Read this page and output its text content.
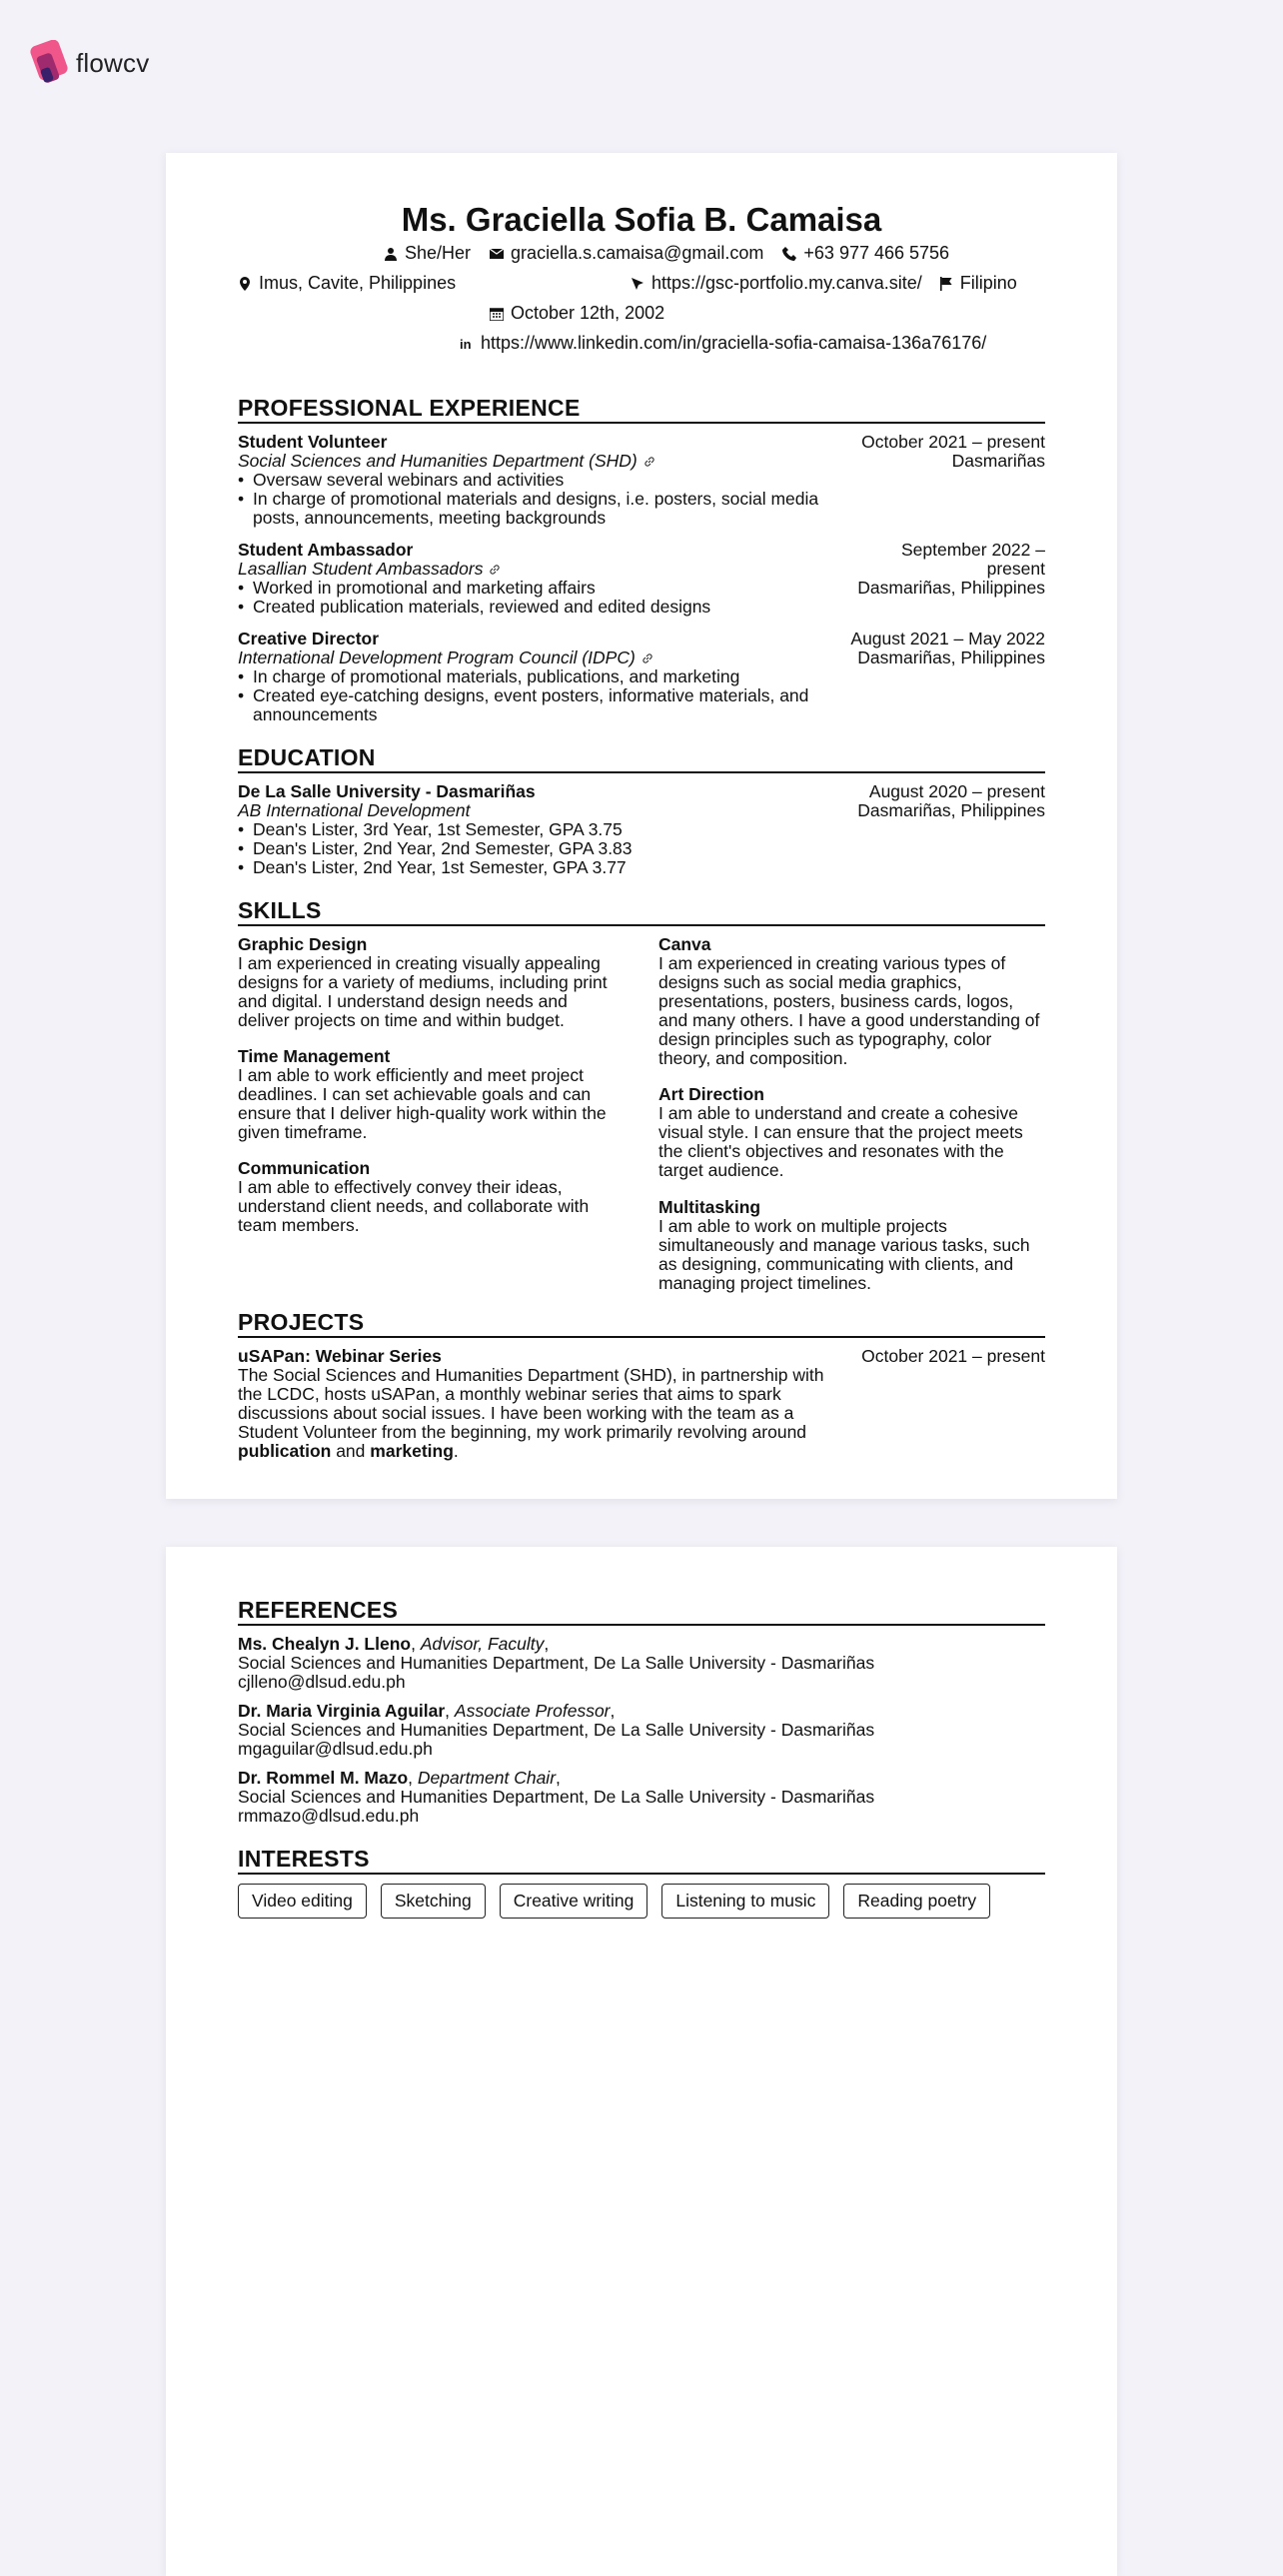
flowcv
Ms. Graciella Sofia B. Camaisa
She/Her graciella.s.camaisa@gmail.com +63 977 466 5756
Imus, Cavite, Philippines	https://gsc-portfolio.my.canva.site/ Filipino
October 12th, 2002
in https://www.linkedin.com/in/graciella-sofia-camaisa-136a76176/
PROFESSIONAL EXPERIENCE
Student Volunteer
Social Sciences and Humanities Department (SHD)
• Oversaw several webinars and activities
• In charge of promotional materials and designs, i.e. posters, social media posts, announcements, meeting backgrounds
October 2021 – present
Dasmariñas
Student Ambassador
Lasallian Student Ambassadors
• Worked in promotional and marketing affairs
• Created publication materials, reviewed and edited designs
September 2022 – present
Dasmariñas, Philippines
Creative Director
International Development Program Council (IDPC)
• In charge of promotional materials, publications, and marketing
• Created eye-catching designs, event posters, informative materials, and announcements
August 2021 – May 2022
Dasmariñas, Philippines
EDUCATION
De La Salle University - Dasmariñas
AB International Development
• Dean's Lister, 3rd Year, 1st Semester, GPA 3.75
• Dean's Lister, 2nd Year, 2nd Semester, GPA 3.83
• Dean's Lister, 2nd Year, 1st Semester, GPA 3.77
August 2020 – present
Dasmariñas, Philippines
SKILLS
Graphic Design
I am experienced in creating visually appealing designs for a variety of mediums, including print and digital. I understand design needs and deliver projects on time and within budget.
Time Management
I am able to work efficiently and meet project deadlines. I can set achievable goals and can ensure that I deliver high-quality work within the given timeframe.
Communication
I am able to effectively convey their ideas, understand client needs, and collaborate with team members.
Canva
I am experienced in creating various types of designs such as social media graphics, presentations, posters, business cards, logos, and many others. I have a good understanding of design principles such as typography, color theory, and composition.
Art Direction
I am able to understand and create a cohesive visual style. I can ensure that the project meets the client's objectives and resonates with the target audience.
Multitasking
I am able to work on multiple projects simultaneously and manage various tasks, such as designing, communicating with clients, and managing project timelines.
PROJECTS
uSAPan: Webinar Series
The Social Sciences and Humanities Department (SHD), in partnership with the LCDC, hosts uSAPan, a monthly webinar series that aims to spark discussions about social issues. I have been working with the team as a Student Volunteer from the beginning, my work primarily revolving around publication and marketing.
October 2021 – present
REFERENCES
Ms. Chealyn J. Lleno, Advisor, Faculty,
Social Sciences and Humanities Department, De La Salle University - Dasmariñas
cjlleno@dlsud.edu.ph
Dr. Maria Virginia Aguilar, Associate Professor,
Social Sciences and Humanities Department, De La Salle University - Dasmariñas
mgaguilar@dlsud.edu.ph
Dr. Rommel M. Mazo, Department Chair,
Social Sciences and Humanities Department, De La Salle University - Dasmariñas
rmmazo@dlsud.edu.ph
INTERESTS
Video editing	Sketching	Creative writing	Listening to music	Reading poetry
